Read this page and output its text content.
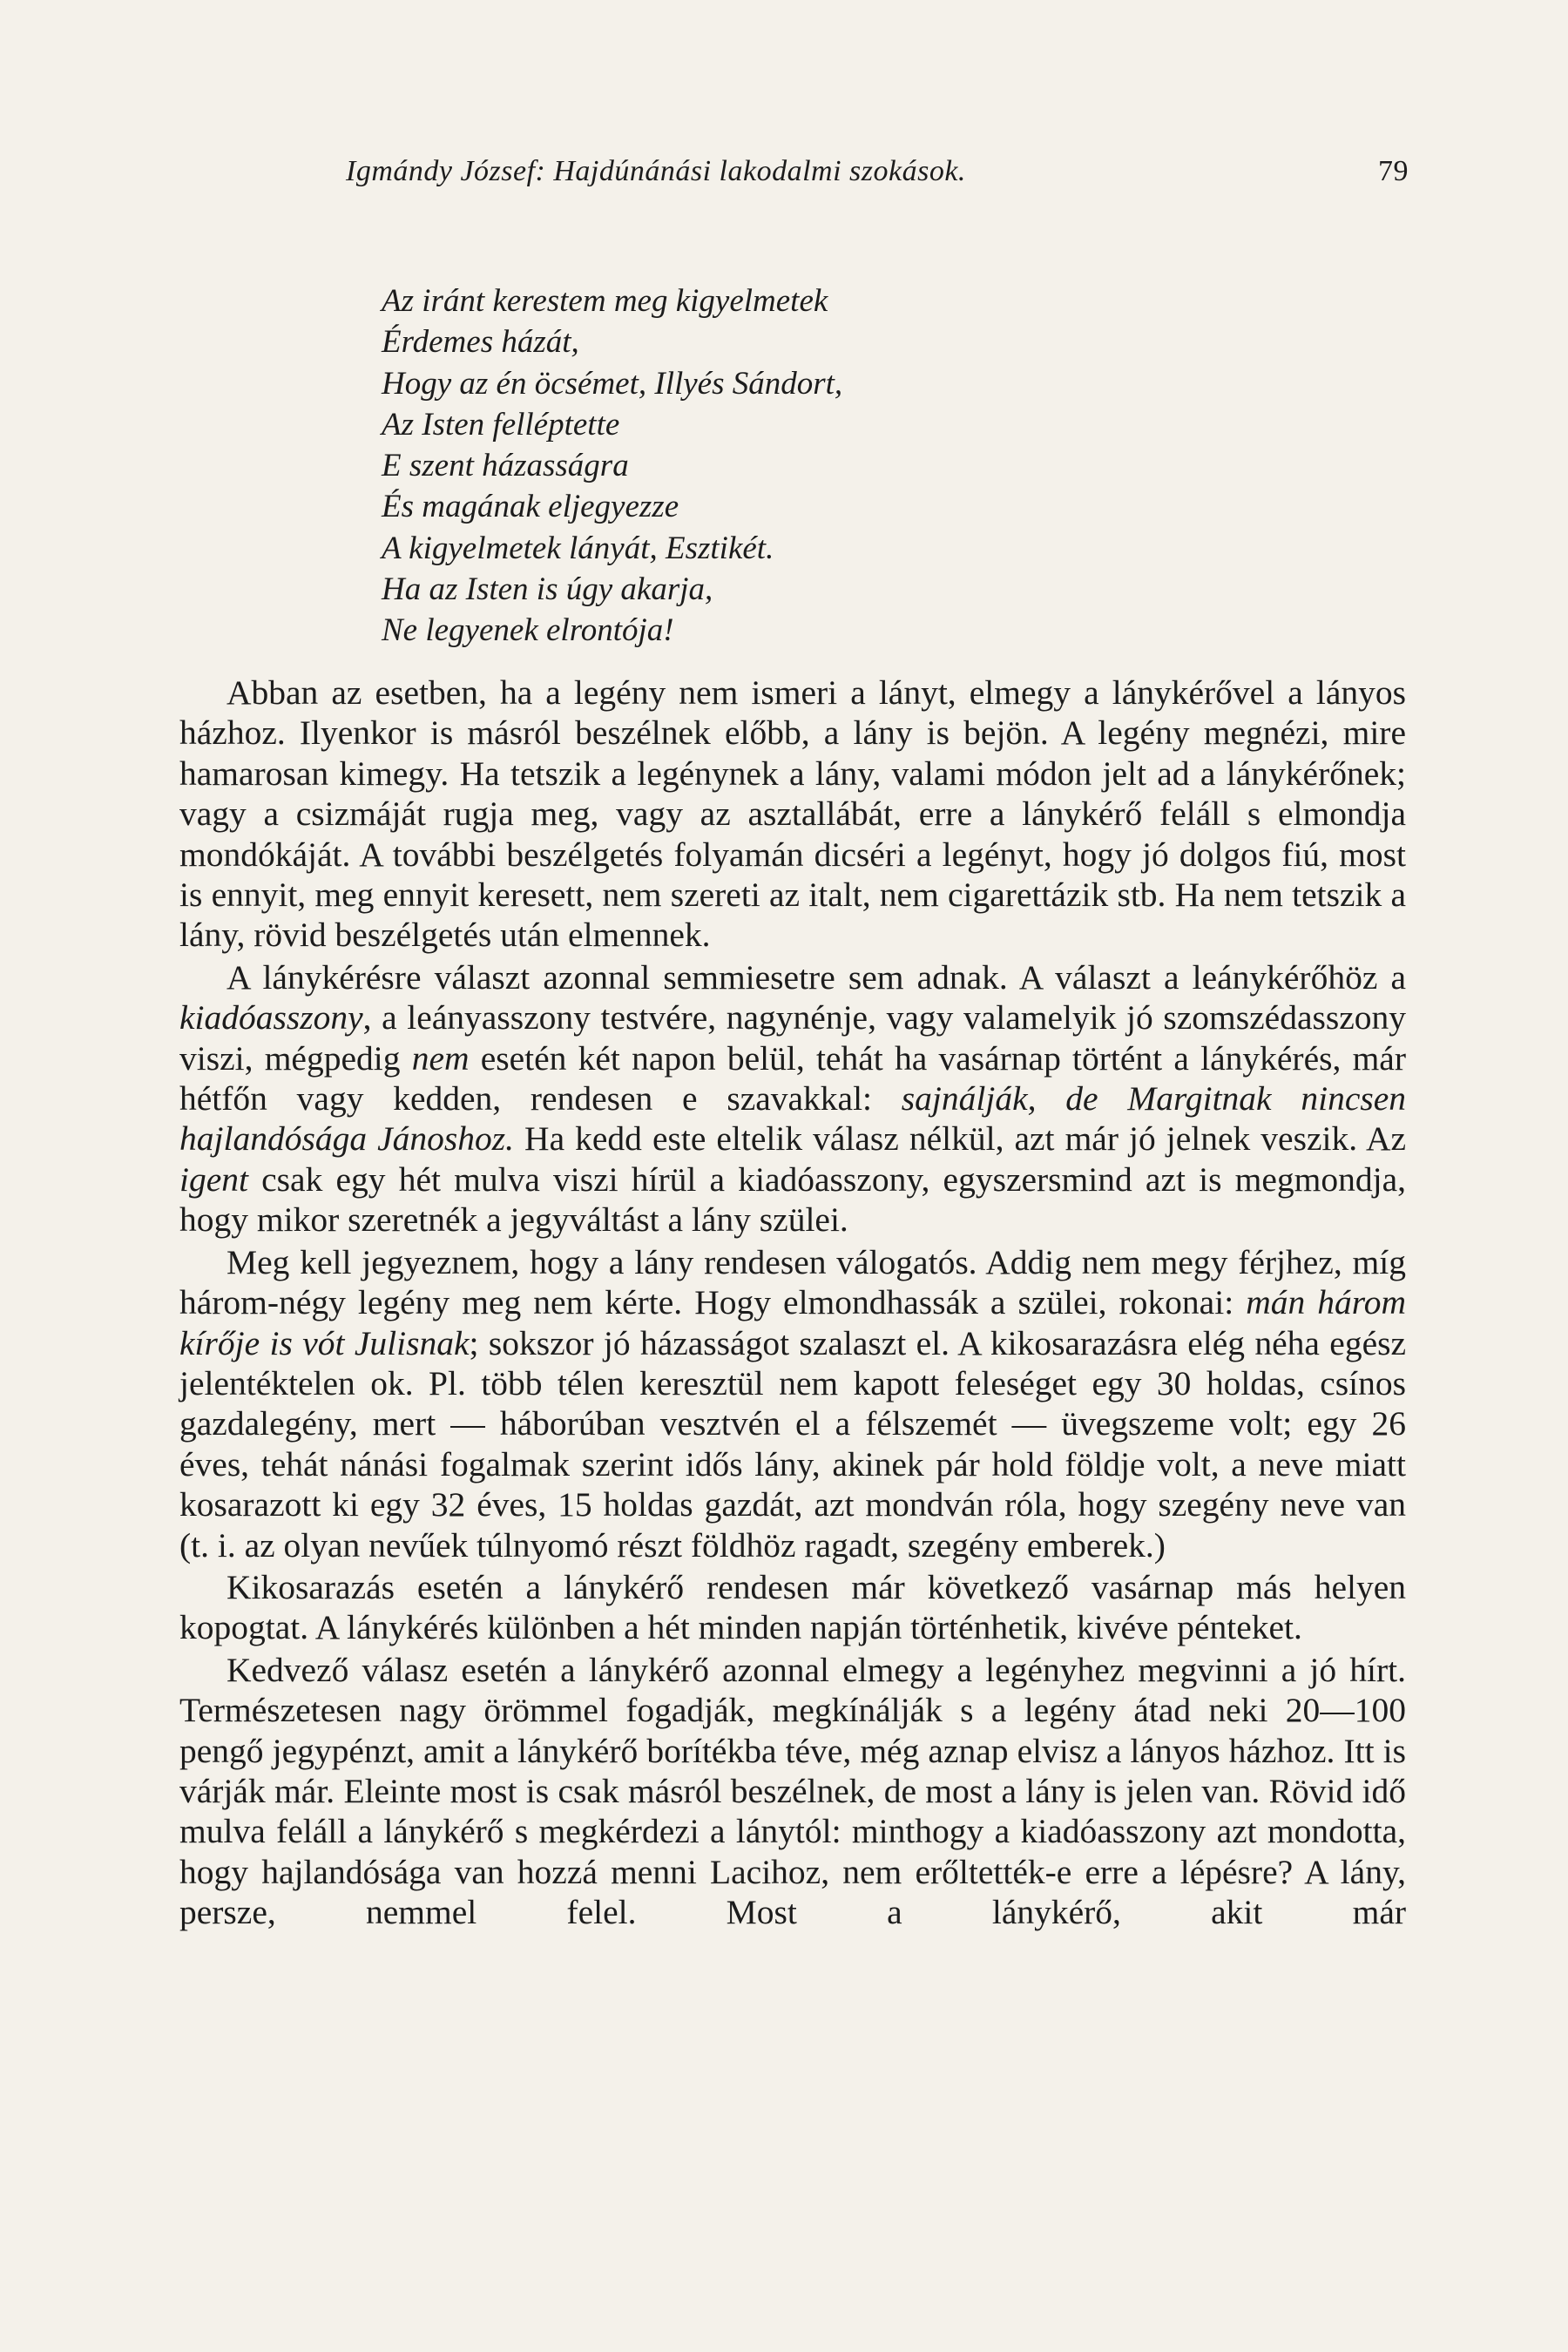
Igmándy József: Hajdúnánási lakodalmi szokások.	79
Az iránt kerestem meg kigyelmetek
Érdemes házát,
Hogy az én öcsémet, Illyés Sándort,
Az Isten felléptette
E szent házasságra
És magának eljegyezze
A kigyelmetek lányát, Esztikét.
Ha az Isten is úgy akarja,
Ne legyenek elrontója!

Abban az esetben, ha a legény nem ismeri a lányt, elmegy a lánykérővel a lányos házhoz. Ilyenkor is másról beszélnek előbb, a lány is bejön. A legény megnézi, mire hamarosan kimegy. Ha tetszik a legénynek a lány, valami módon jelt ad a lánykérőnek; vagy a csizmáját rugja meg, vagy az asztallábát, erre a lánykérő feláll s elmondja mondókáját. A további beszélgetés folyamán dicséri a legényt, hogy jó dolgos fiú, most is ennyit, meg ennyit keresett, nem szereti az italt, nem cigarettázik stb. Ha nem tetszik a lány, rövid beszélgetés után elmennek.

A lánykérésre választ azonnal semmiesetre sem adnak. A választ a leánykérőhöz a kiadóasszony, a leányasszony testvére, nagynénje, vagy valamelyik jó szomszédasszony viszi, mégpedig nem esetén két napon belül, tehát ha vasárnap történt a lánykérés, már hétfőn vagy kedden, rendesen e szavakkal: sajnálják, de Margitnak nincsen hajlandósága Jánoshoz. Ha kedd este eltelik válasz nélkül, azt már jó jelnek veszik. Az igent csak egy hét mulva viszi hírül a kiadóasszony, egyszersmind azt is megmondja, hogy mikor szeretnék a jegyváltást a lány szülei.

Meg kell jegyeznem, hogy a lány rendesen válogatós. Addig nem megy férjhez, míg három-négy legény meg nem kérte. Hogy elmondhassák a szülei, rokonai: mán három kírője is vót Julisnak; sokszor jó házasságot szalaszt el. A kikosarazásra elég néha egész jelentéktelen ok. Pl. több télen keresztül nem kapott feleséget egy 30 holdas, csínos gazdalegény, mert — háborúban vesztvén el a félszemét — üvegszeme volt; egy 26 éves, tehát nánási fogalmak szerint idős lány, akinek pár hold földje volt, a neve miatt kosarazott ki egy 32 éves, 15 holdas gazdát, azt mondván róla, hogy szegény neve van (t. i. az olyan nevűek túlnyomó részt földhöz ragadt, szegény emberek.)

Kikosarazás esetén a lánykérő rendesen már következő vasárnap más helyen kopogtat. A lánykérés különben a hét minden napján történhetik, kivéve pénteket.

Kedvező válasz esetén a lánykérő azonnal elmegy a legényhez megvinni a jó hírt. Természetesen nagy örömmel fogadják, megkínálják s a legény átad neki 20—100 pengő jegypénzt, amit a lánykérő borítékba téve, még aznap elvisz a lányos házhoz. Itt is várják már. Eleinte most is csak másról beszélnek, de most a lány is jelen van. Rövid idő mulva feláll a lánykérő s megkérdezi a lánytól: minthogy a kiadóasszony azt mondotta, hogy hajlandósága van hozzá menni Lacihoz, nem erőltették-e erre a lépésre? A lány, persze, nemmel felel. Most a lánykérő, akit már
